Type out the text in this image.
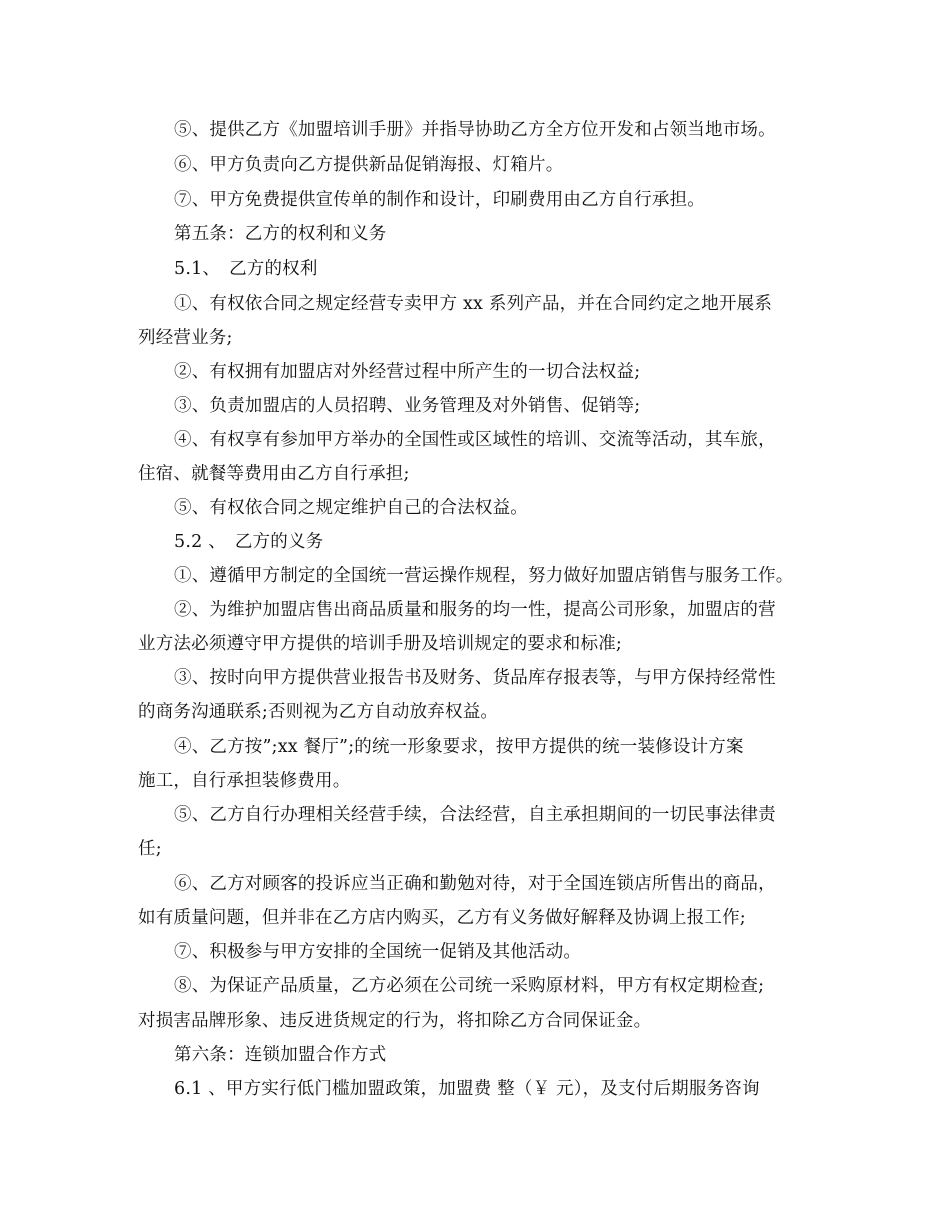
⑤、提供乙方《加盟培训手册》并指导协助乙方全方位开发和占领当地市场。
⑥、甲方负责向乙方提供新品促销海报、灯箱片。
⑦、甲方免费提供宣传单的制作和设计，印刷费用由乙方自行承担。
第五条：乙方的权利和义务
5.1、　乙方的权利
①、有权依合同之规定经营专卖甲方 xx 系列产品，并在合同约定之地开展系
列经营业务;
②、有权拥有加盟店对外经营过程中所产生的一切合法权益;
③、负责加盟店的人员招聘、业务管理及对外销售、促销等;
④、有权享有参加甲方举办的全国性或区域性的培训、交流等活动，其车旅，
住宿、就餐等费用由乙方自行承担;
⑤、有权依合同之规定维护自己的合法权益。
5.2 、　乙方的义务
①、遵循甲方制定的全国统一营运操作规程，努力做好加盟店销售与服务工作。
②、为维护加盟店售出商品质量和服务的均一性，提高公司形象，加盟店的营
业方法必须遵守甲方提供的培训手册及培训规定的要求和标准;
③、按时向甲方提供营业报告书及财务、货品库存报表等，与甲方保持经常性
的商务沟通联系;否则视为乙方自动放弃权益。
④、乙方按”;xx 餐厅”;的统一形象要求，按甲方提供的统一装修设计方案
施工，自行承担装修费用。
⑤、乙方自行办理相关经营手续，合法经营，自主承担期间的一切民事法律责
任;
⑥、乙方对顾客的投诉应当正确和勤勉对待，对于全国连锁店所售出的商品，
如有质量问题，但并非在乙方店内购买，乙方有义务做好解释及协调上报工作;
⑦、积极参与甲方安排的全国统一促销及其他活动。
⑧、为保证产品质量，乙方必须在公司统一采购原材料，甲方有权定期检查;
对损害品牌形象、违反进货规定的行为，将扣除乙方合同保证金。
第六条：连锁加盟合作方式
6.1 、甲方实行低门槛加盟政策，加盟费 整（￥ 元），及支付后期服务咨询
